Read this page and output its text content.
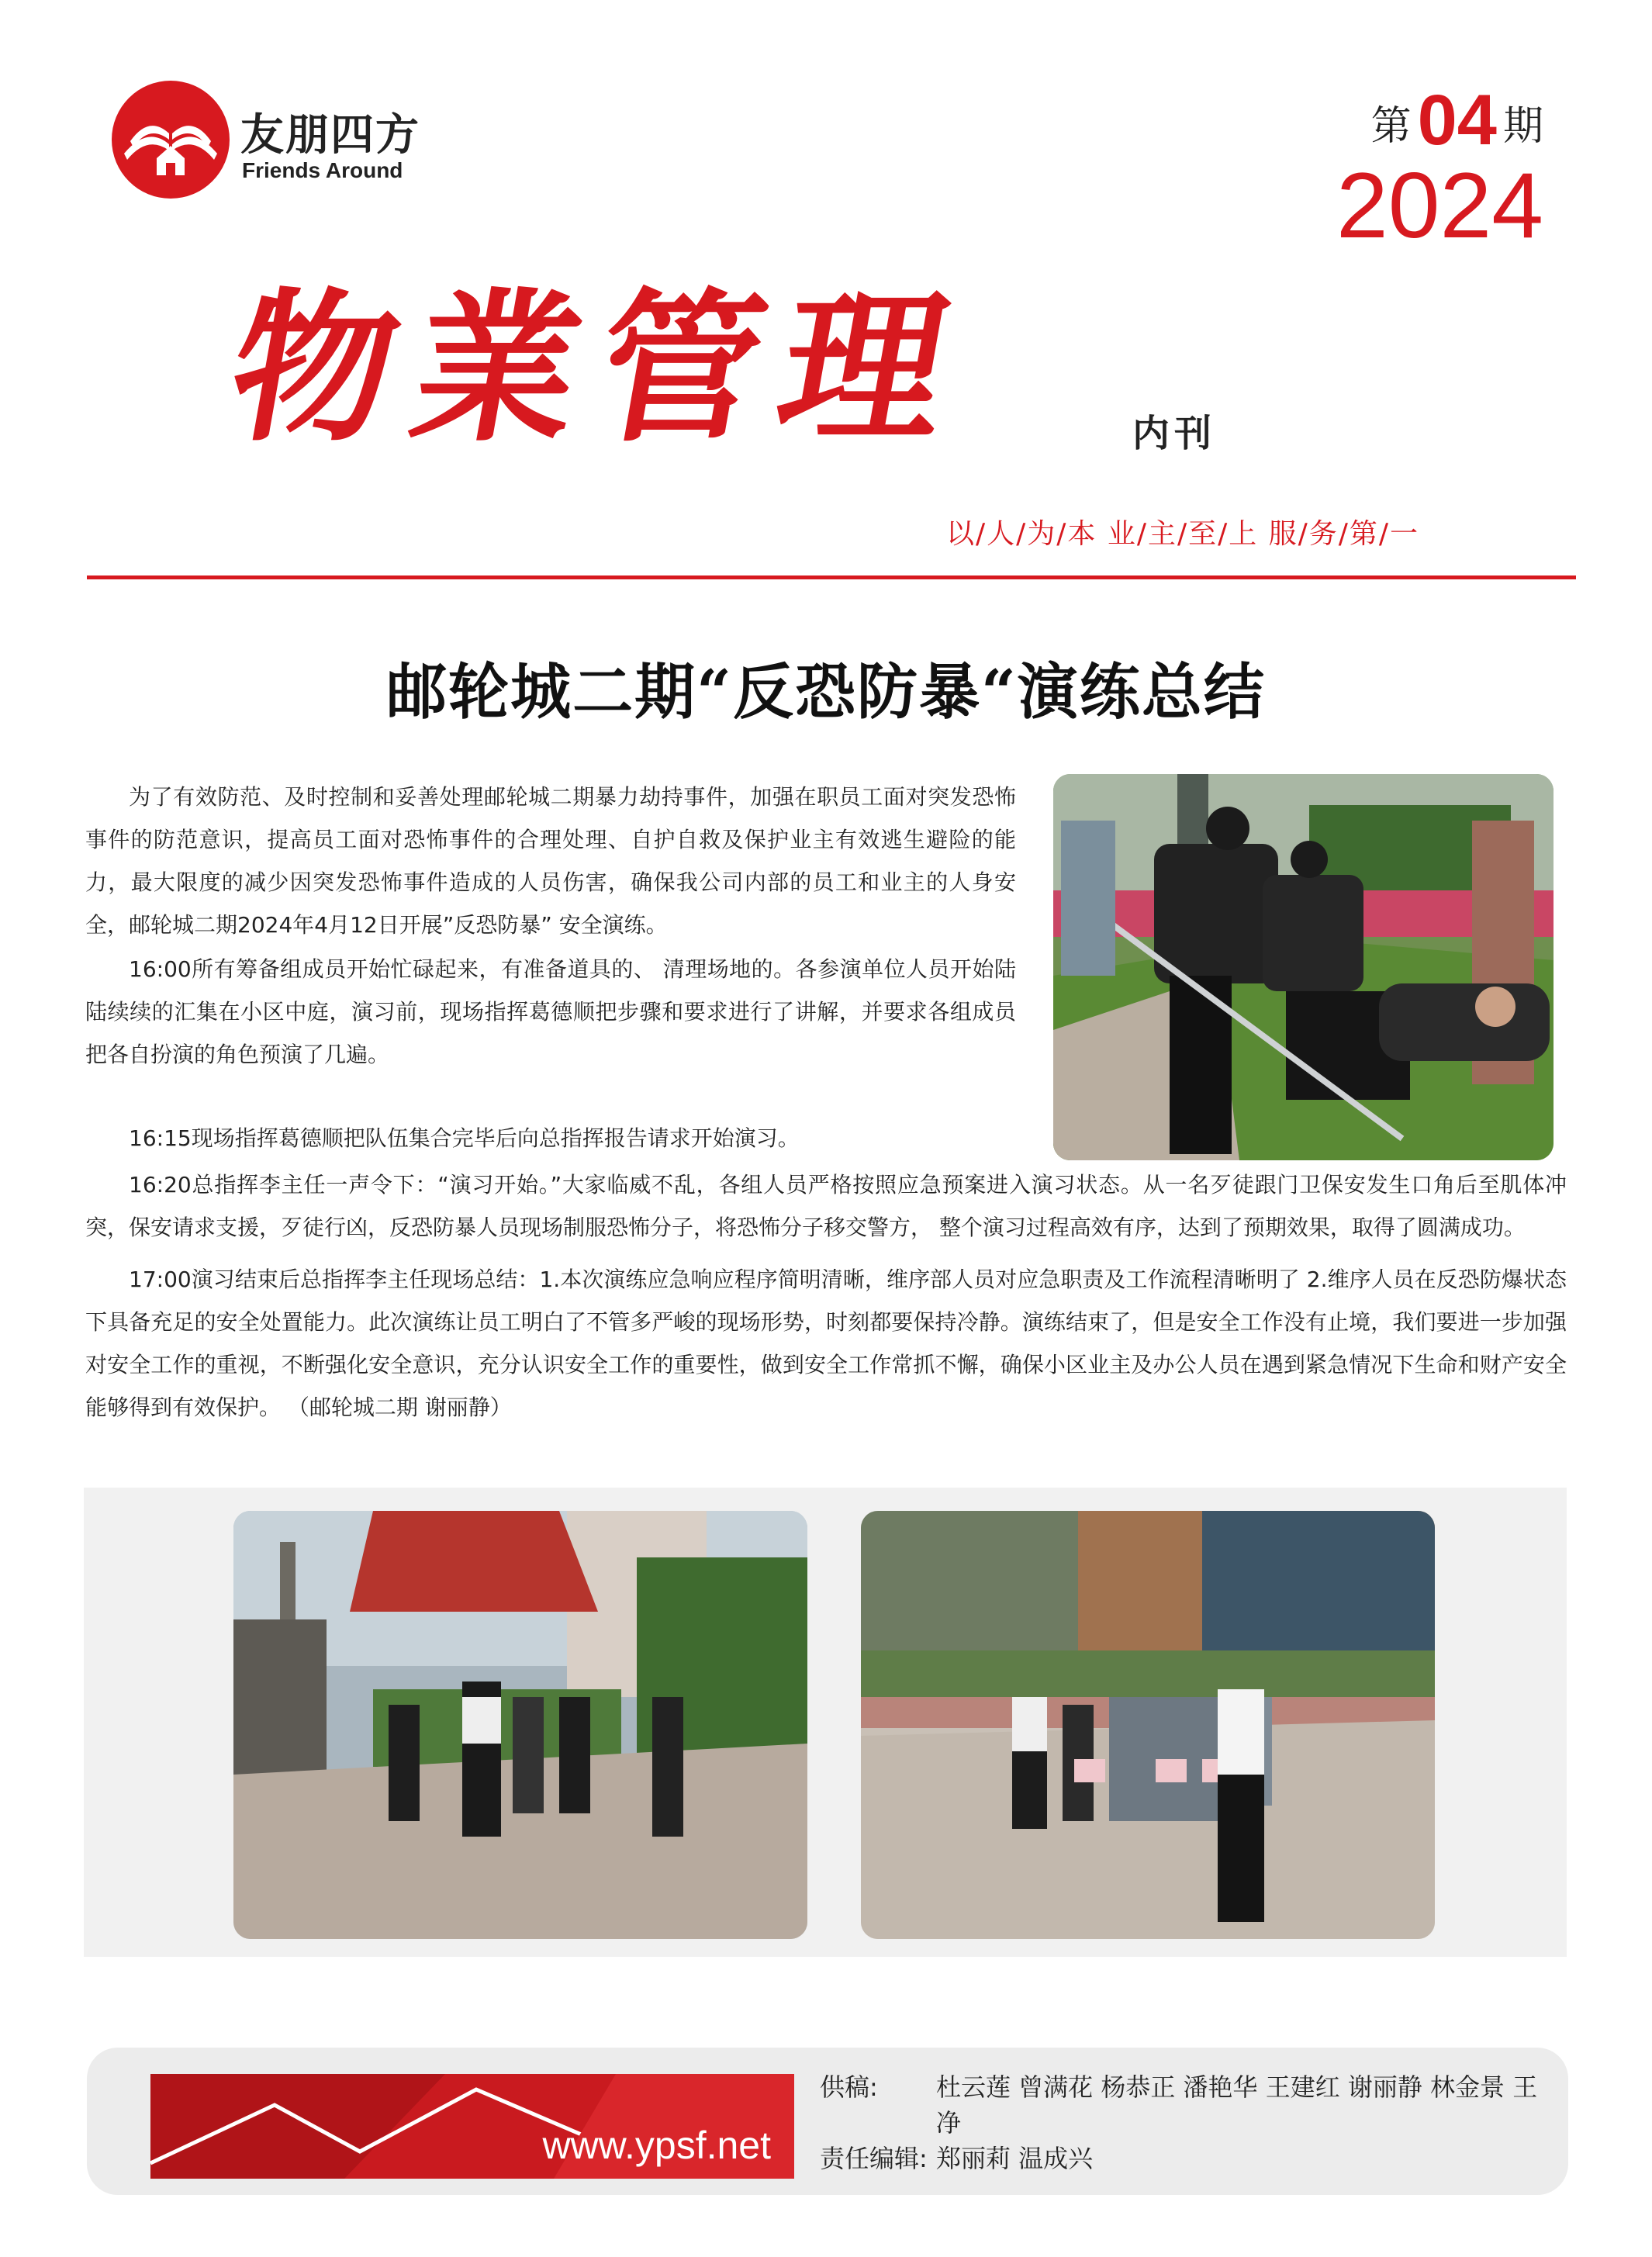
友朋四方
Friends Around
第04 期
2024
物業管理	内刊
以/人/为/本 业/主/至/上 服/务/第/一
邮轮城二期“反恐防暴“演练总结

为了有效防范、及时控制和妥善处理邮轮城二期暴力劫持事件，加强在职员工面对突发恐怖事件的防范意识，提高员工面对恐怖事件的合理处理、自护自救及保护业主有效逃生避险的能力，最大限度的减少因突发恐怖事件造成的人员伤害，确保我公司内部的员工和业主的人身安全，邮轮城二期2024年4月12日开展”反恐防暴” 安全演练。

16:00所有筹备组成员开始忙碌起来，有准备道具的、 清理场地的。各参演单位人员开始陆陆续续的汇集在小区中庭，演习前，现场指挥葛德顺把步骤和要求进行了讲解，并要求各组成员把各自扮演的角色预演了几遍。

16:15现场指挥葛德顺把队伍集合完毕后向总指挥报告请求开始演习。

16:20总指挥李主任一声令下：“演习开始。”大家临威不乱，各组人员严格按照应急预案进入演习状态。从一名歹徒跟门卫保安发生口角后至肌体冲突，保安请求支援，歹徒行凶，反恐防暴人员现场制服恐怖分子，将恐怖分子移交警方， 整个演习过程高效有序，达到了预期效果，取得了圆满成功。

17:00演习结束后总指挥李主任现场总结：1.本次演练应急响应程序简明清晰，维序部人员对应急职责及工作流程清晰明了 2.维序人员在反恐防爆状态下具备充足的安全处置能力。此次演练让员工明白了不管多严峻的现场形势，时刻都要保持冷静。演练结束了，但是安全工作没有止境，我们要进一步加强对安全工作的重视，不断强化安全意识，充分认识安全工作的重要性，做到安全工作常抓不懈，确保小区业主及办公人员在遇到紧急情况下生命和财产安全能够得到有效保护。 （邮轮城二期 谢丽静）

www.ypsf.net
供稿:	杜云莲 曾满花 杨恭正 潘艳华 王建红 谢丽静 林金景 王净
责任编辑: 郑丽莉 温成兴
